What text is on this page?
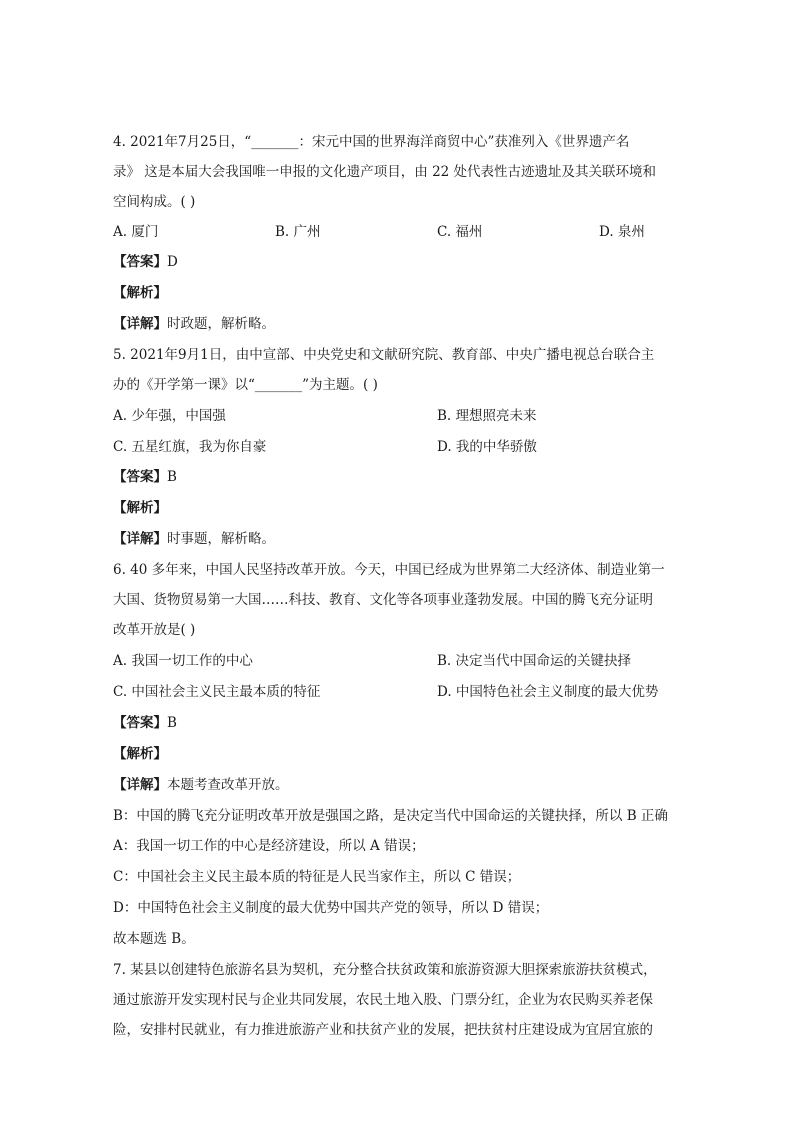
4. 2021年7月25日，“_______：宋元中国的世界海洋商贸中心”获准列入《世界遗产名
录》 这是本届大会我国唯一申报的文化遗产项目，由 22 处代表性古迹遗址及其关联环境和
空间构成。( )
A. 厦门	B. 广州	C. 福州	D. 泉州
【答案】D
【解析】
【详解】时政题，解析略。
5. 2021年9月1日，由中宣部、中央党史和文献研究院、教育部、中央广播电视总台联合主
办的《开学第一课》以“_______”为主题。( )
A. 少年强，中国强	B. 理想照亮未来
C. 五星红旗，我为你自豪	D. 我的中华骄傲
【答案】B
【解析】
【详解】时事题，解析略。
6. 40 多年来，中国人民坚持改革开放。今天，中国已经成为世界第二大经济体、制造业第一
大国、货物贸易第一大国……科技、教育、文化等各项事业蓬勃发展。中国的腾飞充分证明
改革开放是( )
A. 我国一切工作的中心	B. 决定当代中国命运的关键抉择
C. 中国社会主义民主最本质的特征	D. 中国特色社会主义制度的最大优势
【答案】B
【解析】
【详解】本题考查改革开放。
B：中国的腾飞充分证明改革开放是强国之路，是决定当代中国命运的关键抉择，所以 B 正确
A：我国一切工作的中心是经济建设，所以 A 错误；
C：中国社会主义民主最本质的特征是人民当家作主，所以 C 错误；
D：中国特色社会主义制度的最大优势中国共产党的领导，所以 D 错误；
故本题选 B。
7. 某县以创建特色旅游名县为契机，充分整合扶贫政策和旅游资源大胆探索旅游扶贫模式，
通过旅游开发实现村民与企业共同发展，农民土地入股、门票分红，企业为农民购买养老保
险，安排村民就业，有力推进旅游产业和扶贫产业的发展，把扶贫村庄建设成为宜居宜旅的
